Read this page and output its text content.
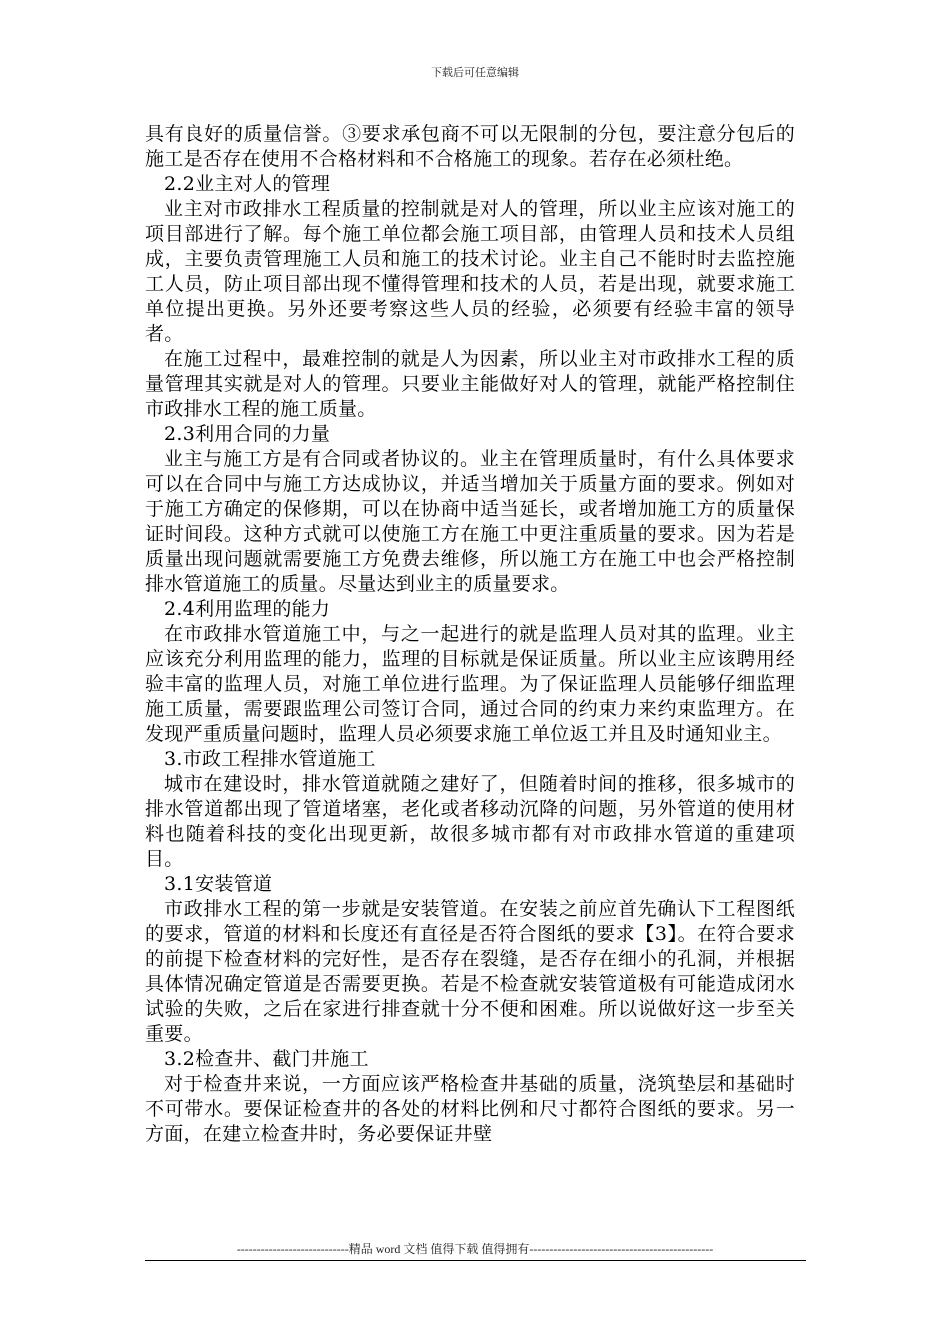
下载后可任意编辑

具有良好的质量信誉。③要求承包商不可以无限制的分包，要注意分包后的施工是否存在使用不合格材料和不合格施工的现象。若存在必须杜绝。

2.2业主对人的管理

业主对市政排水工程质量的控制就是对人的管理，所以业主应该对施工的项目部进行了解。每个施工单位都会施工项目部，由管理人员和技术人员组成，主要负责管理施工人员和施工的技术讨论。业主自己不能时时去监控施工人员，防止项目部出现不懂得管理和技术的人员，若是出现，就要求施工单位提出更换。另外还要考察这些人员的经验，必须要有经验丰富的领导者。

在施工过程中，最难控制的就是人为因素，所以业主对市政排水工程的质量管理其实就是对人的管理。只要业主能做好对人的管理，就能严格控制住市政排水工程的施工质量。

2.3利用合同的力量

业主与施工方是有合同或者协议的。业主在管理质量时，有什么具体要求可以在合同中与施工方达成协议，并适当增加关于质量方面的要求。例如对于施工方确定的保修期，可以在协商中适当延长，或者增加施工方的质量保证时间段。这种方式就可以使施工方在施工中更注重质量的要求。因为若是质量出现问题就需要施工方免费去维修，所以施工方在施工中也会严格控制排水管道施工的质量。尽量达到业主的质量要求。

2.4利用监理的能力

在市政排水管道施工中，与之一起进行的就是监理人员对其的监理。业主应该充分利用监理的能力，监理的目标就是保证质量。所以业主应该聘用经验丰富的监理人员，对施工单位进行监理。为了保证监理人员能够仔细监理施工质量，需要跟监理公司签订合同，通过合同的约束力来约束监理方。在发现严重质量问题时，监理人员必须要求施工单位返工并且及时通知业主。

3.市政工程排水管道施工

城市在建设时，排水管道就随之建好了，但随着时间的推移，很多城市的排水管道都出现了管道堵塞，老化或者移动沉降的问题，另外管道的使用材料也随着科技的变化出现更新，故很多城市都有对市政排水管道的重建项目。

3.1安装管道

市政排水工程的第一步就是安装管道。在安装之前应首先确认下工程图纸的要求，管道的材料和长度还有直径是否符合图纸的要求【3】。在符合要求的前提下检查材料的完好性，是否存在裂缝，是否存在细小的孔洞，并根据具体情况确定管道是否需要更换。若是不检查就安装管道极有可能造成闭水试验的失败，之后在家进行排查就十分不便和困难。所以说做好这一步至关重要。

3.2检查井、截门井施工

对于检查井来说，一方面应该严格检查井基础的质量，浇筑垫层和基础时不可带水。要保证检查井的各处的材料比例和尺寸都符合图纸的要求。另一方面，在建立检查井时，务必要保证井壁

----------------------------精品 word 文档 值得下载 值得拥有----------------------------------------------
